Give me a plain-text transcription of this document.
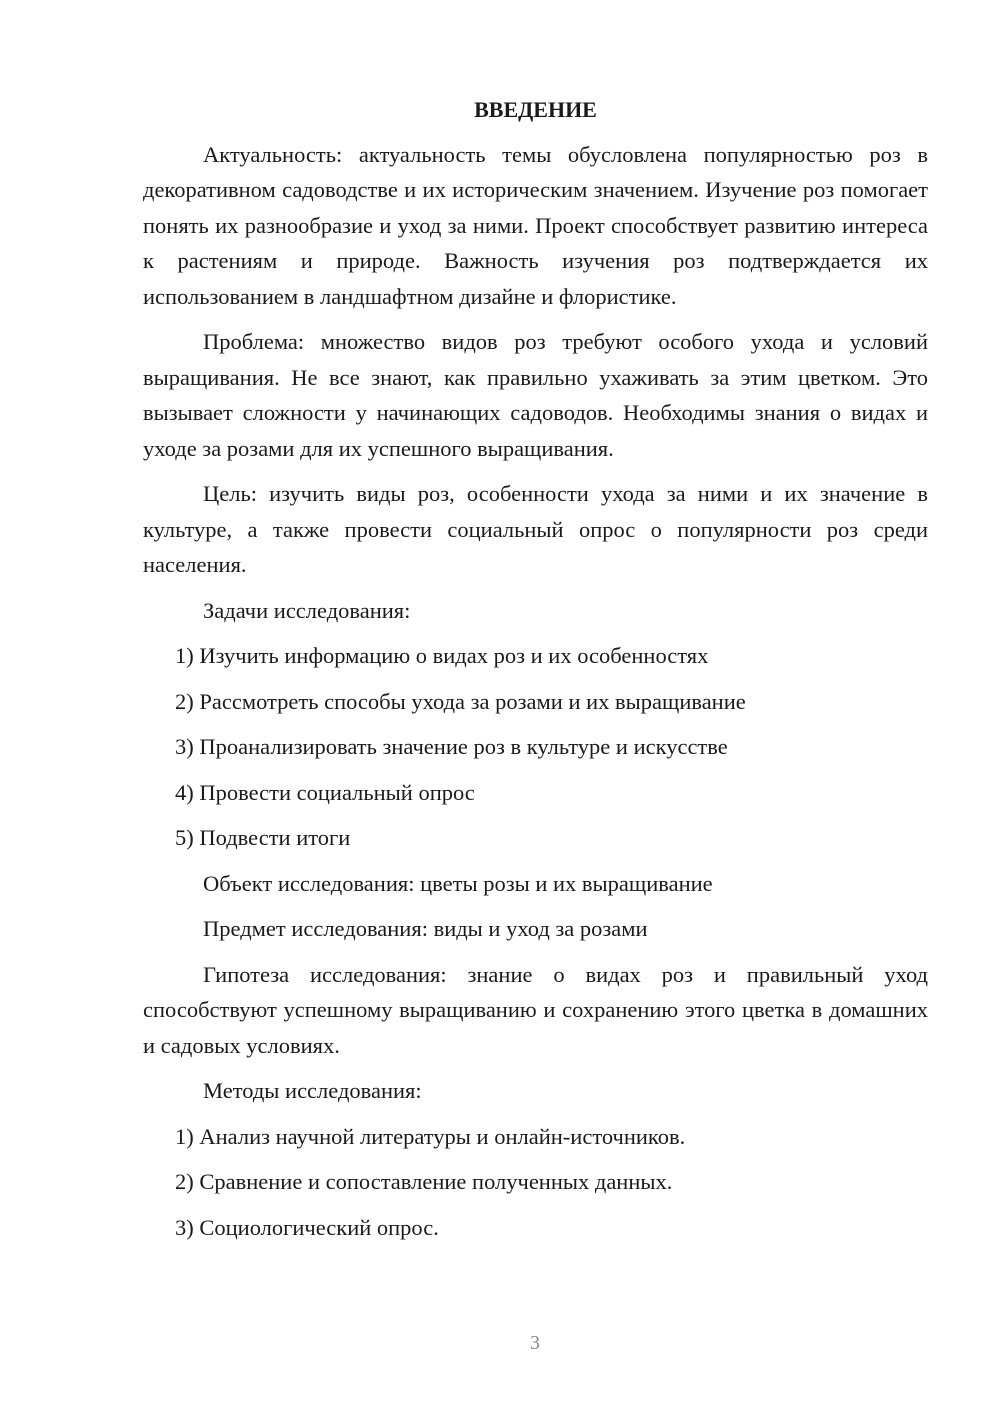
ВВЕДЕНИЕ

Актуальность: актуальность темы обусловлена популярностью роз в декоративном садоводстве и их историческим значением. Изучение роз помогает понять их разнообразие и уход за ними. Проект способствует развитию интереса к растениям и природе. Важность изучения роз подтверждается их использованием в ландшафтном дизайне и флористике.

Проблема: множество видов роз требуют особого ухода и условий выращивания. Не все знают, как правильно ухаживать за этим цветком. Это вызывает сложности у начинающих садоводов. Необходимы знания о видах и уходе за розами для их успешного выращивания.

Цель: изучить виды роз, особенности ухода за ними и их значение в культуре, а также провести социальный опрос о популярности роз среди населения.

Задачи исследования:
1) Изучить информацию о видах роз и их особенностях
2) Рассмотреть способы ухода за розами и их выращивание
3) Проанализировать значение роз в культуре и искусстве
4) Провести социальный опрос
5) Подвести итоги
Объект исследования: цветы розы и их выращивание
Предмет исследования: виды и уход за розами

Гипотеза исследования: знание о видах роз и правильный уход способствуют успешному выращиванию и сохранению этого цветка в домашних и садовых условиях.

Методы исследования:
1) Анализ научной литературы и онлайн-источников.
2) Сравнение и сопоставление полученных данных.
3) Социологический опрос.
3
